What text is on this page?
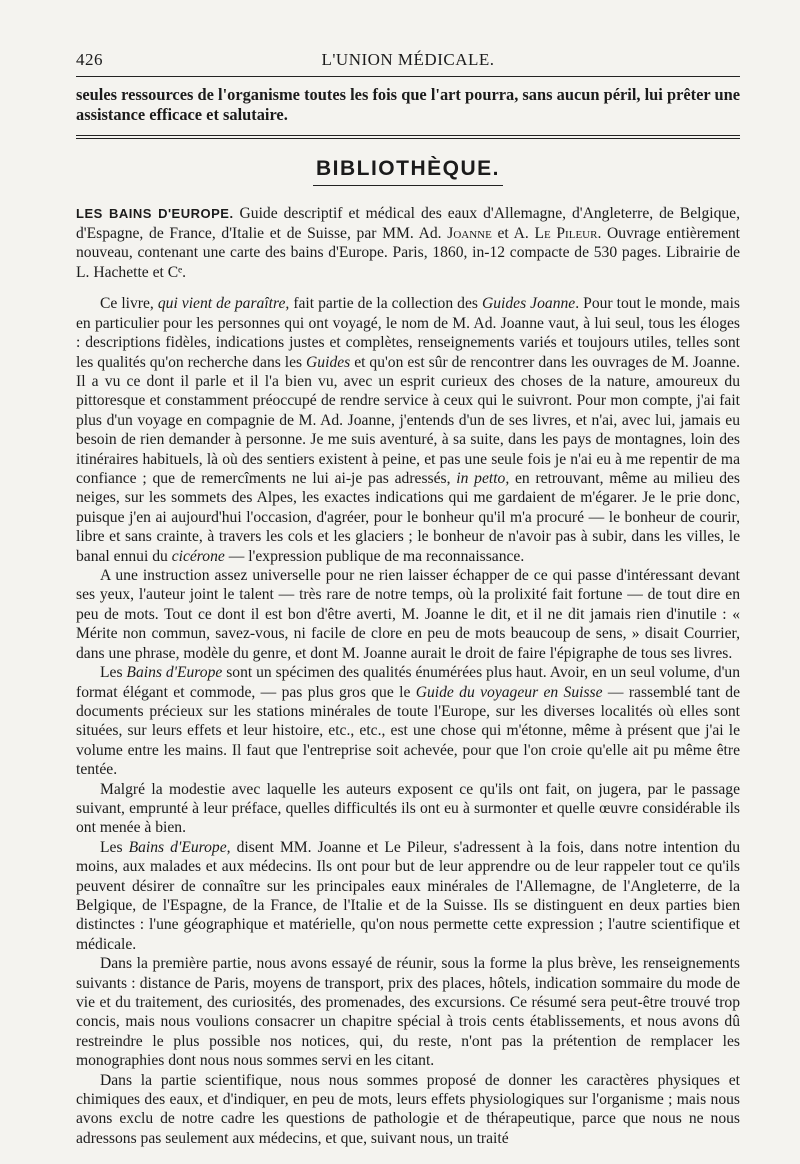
426	L'UNION MÉDICALE.
seules ressources de l'organisme toutes les fois que l'art pourra, sans aucun péril, lui prêter une assistance efficace et salutaire.
BIBLIOTHÈQUE.
LES BAINS D'EUROPE. Guide descriptif et médical des eaux d'Allemagne, d'Angleterre, de Belgique, d'Espagne, de France, d'Italie et de Suisse, par MM. Ad. Joanne et A. Le Pileur. Ouvrage entièrement nouveau, contenant une carte des bains d'Europe. Paris, 1860, in-12 compacte de 530 pages. Librairie de L. Hachette et Cᵉ.

Ce livre, qui vient de paraître, fait partie de la collection des Guides Joanne. Pour tout le monde, mais en particulier pour les personnes qui ont voyagé, le nom de M. Ad. Joanne vaut, à lui seul, tous les éloges : descriptions fidèles, indications justes et complètes, renseignements variés et toujours utiles, telles sont les qualités qu'on recherche dans les Guides et qu'on est sûr de rencontrer dans les ouvrages de M. Joanne. Il a vu ce dont il parle et il l'a bien vu, avec un esprit curieux des choses de la nature, amoureux du pittoresque et constamment préoccupé de rendre service à ceux qui le suivront. Pour mon compte, j'ai fait plus d'un voyage en compagnie de M. Ad. Joanne, j'entends d'un de ses livres, et n'ai, avec lui, jamais eu besoin de rien demander à personne. Je me suis aventuré, à sa suite, dans les pays de montagnes, loin des itinéraires habituels, là où des sentiers existent à peine, et pas une seule fois je n'ai eu à me repentir de ma confiance ; que de remercîments ne lui ai-je pas adressés, in petto, en retrouvant, même au milieu des neiges, sur les sommets des Alpes, les exactes indications qui me gardaient de m'égarer. Je le prie donc, puisque j'en ai aujourd'hui l'occasion, d'agréer, pour le bonheur qu'il m'a procuré — le bonheur de courir, libre et sans crainte, à travers les cols et les glaciers ; le bonheur de n'avoir pas à subir, dans les villes, le banal ennui du cicérone — l'expression publique de ma reconnaissance.

A une instruction assez universelle pour ne rien laisser échapper de ce qui passe d'intéressant devant ses yeux, l'auteur joint le talent — très rare de notre temps, où la prolixité fait fortune — de tout dire en peu de mots. Tout ce dont il est bon d'être averti, M. Joanne le dit, et il ne dit jamais rien d'inutile : « Mérite non commun, savez-vous, ni facile de clore en peu de mots beaucoup de sens, » disait Courrier, dans une phrase, modèle du genre, et dont M. Joanne aurait le droit de faire l'épigraphe de tous ses livres.

Les Bains d'Europe sont un spécimen des qualités énumérées plus haut. Avoir, en un seul volume, d'un format élégant et commode, — pas plus gros que le Guide du voyageur en Suisse — rassemblé tant de documents précieux sur les stations minérales de toute l'Europe, sur les diverses localités où elles sont situées, sur leurs effets et leur histoire, etc., etc., est une chose qui m'étonne, même à présent que j'ai le volume entre les mains. Il faut que l'entreprise soit achevée, pour que l'on croie qu'elle ait pu même être tentée.

Malgré la modestie avec laquelle les auteurs exposent ce qu'ils ont fait, on jugera, par le passage suivant, emprunté à leur préface, quelles difficultés ils ont eu à surmonter et quelle œuvre considérable ils ont menée à bien.

Les Bains d'Europe, disent MM. Joanne et Le Pileur, s'adressent à la fois, dans notre intention du moins, aux malades et aux médecins. Ils ont pour but de leur apprendre ou de leur rappeler tout ce qu'ils peuvent désirer de connaître sur les principales eaux minérales de l'Allemagne, de l'Angleterre, de la Belgique, de l'Espagne, de la France, de l'Italie et de la Suisse. Ils se distinguent en deux parties bien distinctes : l'une géographique et matérielle, qu'on nous permette cette expression ; l'autre scientifique et médicale.

Dans la première partie, nous avons essayé de réunir, sous la forme la plus brève, les renseignements suivants : distance de Paris, moyens de transport, prix des places, hôtels, indication sommaire du mode de vie et du traitement, des curiosités, des promenades, des excursions. Ce résumé sera peut-être trouvé trop concis, mais nous voulions consacrer un chapitre spécial à trois cents établissements, et nous avons dû restreindre le plus possible nos notices, qui, du reste, n'ont pas la prétention de remplacer les monographies dont nous nous sommes servi en les citant.

Dans la partie scientifique, nous nous sommes proposé de donner les caractères physiques et chimiques des eaux, et d'indiquer, en peu de mots, leurs effets physiologiques sur l'organisme ; mais nous avons exclu de notre cadre les questions de pathologie et de thérapeutique, parce que nous ne nous adressons pas seulement aux médecins, et que, suivant nous, un traité
